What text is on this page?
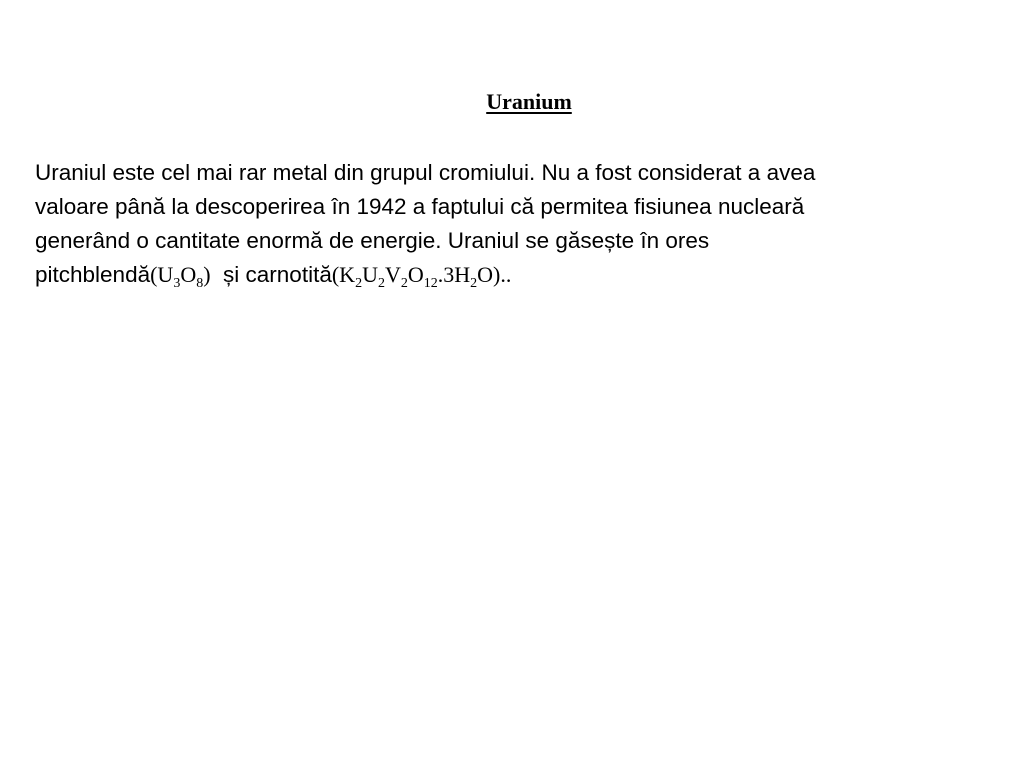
Uranium
Uraniul este cel mai rar metal din grupul cromiului. Nu a fost considerat a avea
valoare până la descoperirea în 1942 a faptului că permitea fisiunea nucleară
generând o cantitate enormă de energie. Uraniul se găsește în ores
$pitchblendă(U_3O_8)$  și $carnotită(K_2U_2V_2O_{12}.3H_2O)$..
